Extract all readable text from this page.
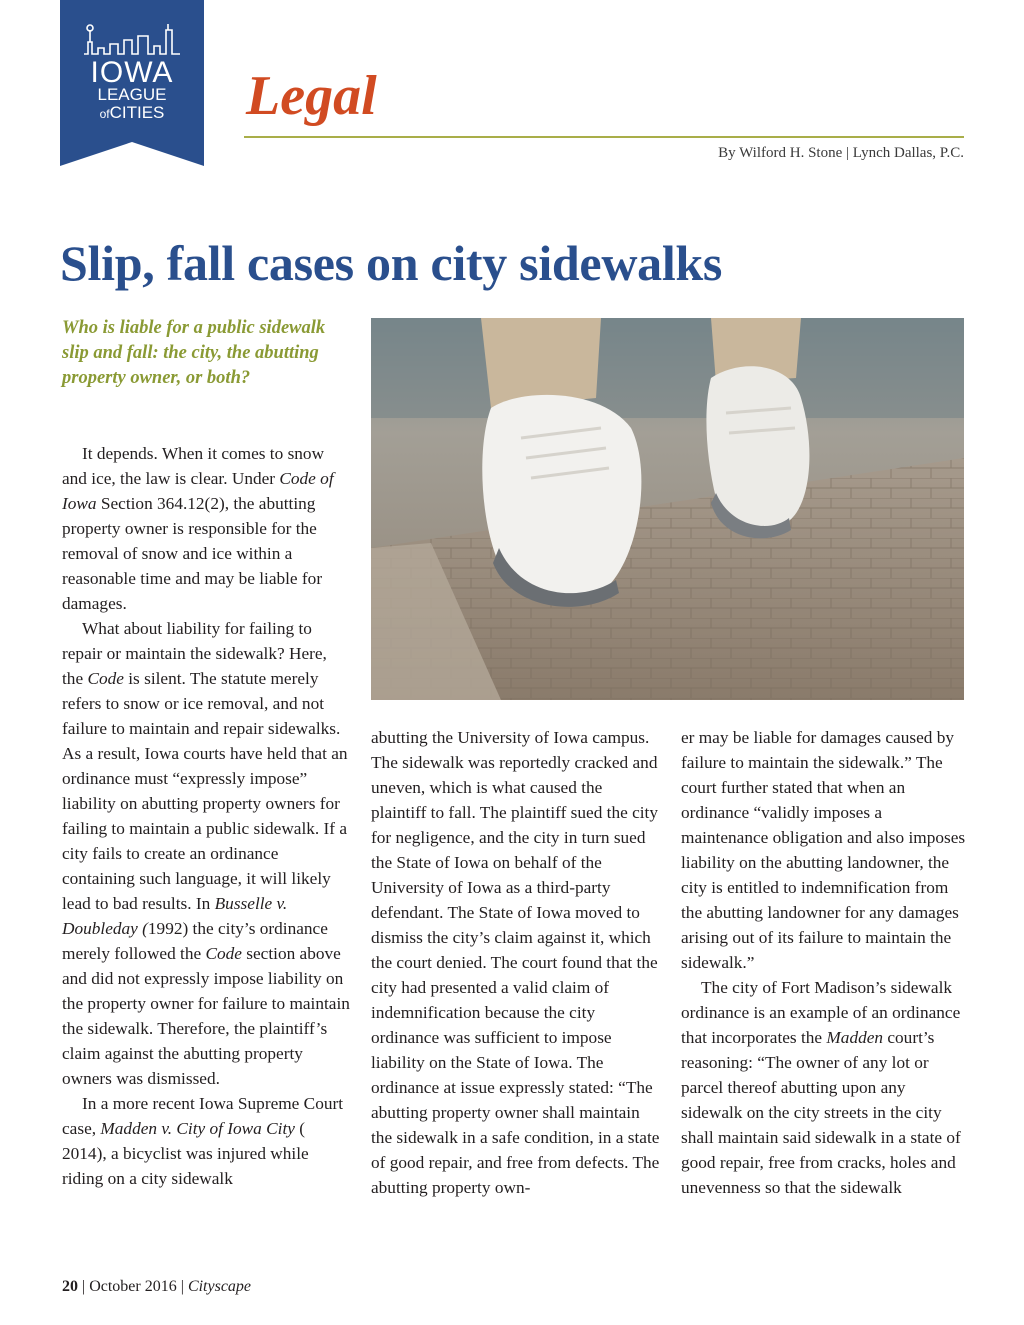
IOWA
LEAGUE
ofCITIES	Legal
By Wilford H. Stone | Lynch Dallas, P.C.
Slip, fall cases on city sidewalks
Who is liable for a public sidewalk slip and fall: the city, the abutting property owner, or both?

It depends. When it comes to snow and ice, the law is clear. Under Code of Iowa Section 364.12(2), the abutting property owner is responsible for the removal of snow and ice within a reasonable time and may be liable for damages.

What about liability for failing to repair or maintain the sidewalk? Here, the Code is silent. The statute merely refers to snow or ice removal, and not failure to maintain and repair sidewalks. As a result, Iowa courts have held that an ordinance must “expressly impose” liability on abutting property owners for failing to maintain a public sidewalk. If a city fails to create an ordinance containing such language, it will likely lead to bad results. In Busselle v. Doubleday (1992) the city’s ordinance merely followed the Code section above and did not expressly impose liability on the property owner for failure to maintain the sidewalk. Therefore, the plaintiff’s claim against the abutting property owners was dismissed.

In a more recent Iowa Supreme Court case, Madden v. City of Iowa City ( 2014), a bicyclist was injured while riding on a city sidewalk

abutting the University of Iowa campus. The sidewalk was reportedly cracked and uneven, which is what caused the plaintiff to fall. The plaintiff sued the city for negligence, and the city in turn sued the State of Iowa on behalf of the University of Iowa as a third-party defendant. The State of Iowa moved to dismiss the city’s claim against it, which the court denied. The court found that the city had presented a valid claim of indemnification because the city ordinance was sufficient to impose liability on the State of Iowa. The ordinance at issue expressly stated: “The abutting property owner shall maintain the sidewalk in a safe condition, in a state of good repair, and free from defects. The abutting property own-
er may be liable for damages caused by failure to maintain the sidewalk.” The court further stated that when an ordinance “validly imposes a maintenance obligation and also imposes liability on the abutting landowner, the city is entitled to indemnification from the abutting landowner for any damages arising out of its failure to maintain the sidewalk.”

The city of Fort Madison’s sidewalk ordinance is an example of an ordinance that incorporates the Madden court’s reasoning: “The owner of any lot or parcel thereof abutting upon any sidewalk on the city streets in the city shall maintain said sidewalk in a state of good repair, free from cracks, holes and unevenness so that the sidewalk

20 | October 2016 | Cityscape
